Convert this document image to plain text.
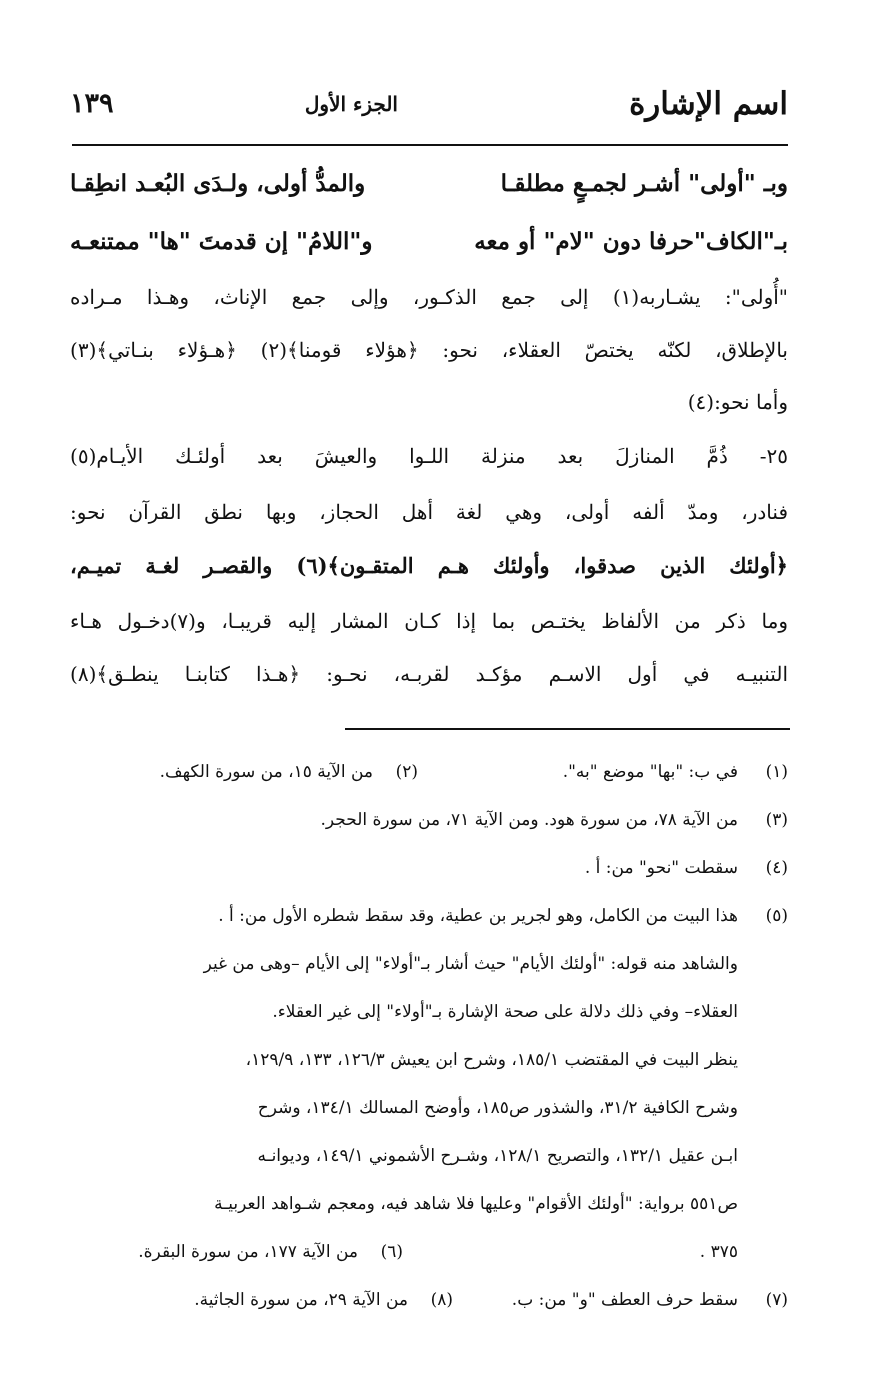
اسم الإشارة
الجزء الأول
١٣٩
وبـ "أولى" أشـر لجمـعٍ مطلقـا
والمدُّ أولى، ولـدَى البُعـد انطِقـا
بـ"الكاف"حرفا دون "لام" أو معه
و"اللامُ" إن قدمتَ "ها" ممتنعـه
"أُولى": يشـاربه(١) إلى جمع الذكـور، وإلى جمع الإناث، وهـذا مـراده
بالإطلاق، لكنّه يختصّ العقلاء، نحو: ﴿هؤلاء قومنا﴾(٢) ﴿هـؤلاء بنـاتي﴾(٣)
وأما نحو:(٤)
٢٥- ذُمَّ المنازلَ بعد منزلة اللـوا والعيشَ بعد أولئـك الأيـام(٥)
فنادر، ومدّ ألفه أولى، وهي لغة أهل الحجاز، وبها نطق القرآن نحو:
﴿أولئك الذين صدقوا، وأولئك هـم المتقـون﴾(٦) والقصـر لغـة تميـم،
وما ذكر من الألفاظ يختـص بما إذا كـان المشار إليه قريبـا، و(٧)دخـول هـاء
التنبيـه في أول الاسـم مؤكـد لقربـه، نحـو: ﴿هـذا كتابنـا ينطـق﴾(٨)
(١)
في ب: "بها" موضع "به".
(٢)
من الآية ١٥، من سورة الكهف.
(٣)
من الآية ٧٨، من سورة هود. ومن الآية ٧١، من سورة الحجر.
(٤)
سقطت "نحو" من: أ .
(٥)
هذا البيت من الكامل، وهو لجرير بن عطية، وقد سقط شطره الأول من: أ .
والشاهد منه قوله: "أولئك الأيام" حيث أشار بـ"أولاء" إلى الأيام –وهى من غير
العقلاء– وفي ذلك دلالة على صحة الإشارة بـ"أولاء" إلى غير العقلاء.
ينظر البيت في المقتضب ١٨٥/١، وشرح ابن يعيش ١٢٦/٣، ١٣٣، ١٢٩/٩،
وشرح الكافية ٣١/٢، والشذور ص١٨٥، وأوضح المسالك ١٣٤/١، وشرح
ابـن عقيل ١٣٢/١، والتصريح ١٢٨/١، وشـرح الأشموني ١٤٩/١، وديوانـه
ص٥٥١ برواية: "أولئك الأقوام" وعليها فلا شاهد فيه، ومعجم شـواهد العربيـة
٣٧٥ .
(٦)
من الآية ١٧٧، من سورة البقرة.
(٧)
سقط حرف العطف "و" من: ب.
(٨)
من الآية ٢٩، من سورة الجاثية.
